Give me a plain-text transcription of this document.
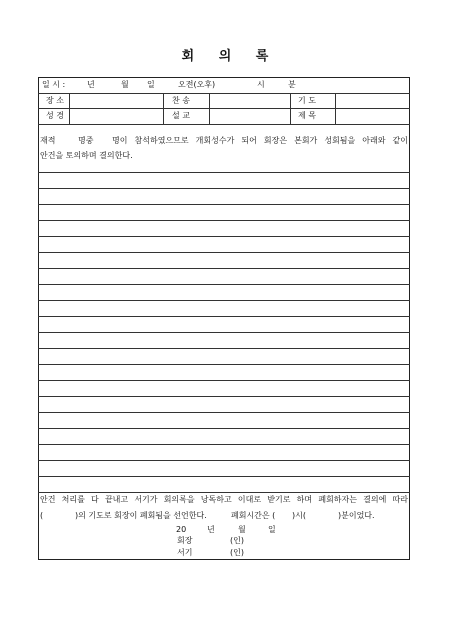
회 의 록
일 시 :	년	월 일	오전(오후)	시	분
장 소	찬 송	기 도
성 경	설 교	제 목
재적	명중 명이 참석하였으므로 개회성수가 되어 회장은 본회가 성회됨을 아래와 같이
안건을 토의하며 결의한다.
안건 처리를 다 끝내고 서기가 회의록을 낭독하고 이대로 받기로 하며 폐회하자는 결의에 따라
(	)의 기도로 회장이 폐회됨을 선언한다.	폐회시간은 ( )시(	)분이었다.
20	년	월	일
회장	(인)
서기	(인)
